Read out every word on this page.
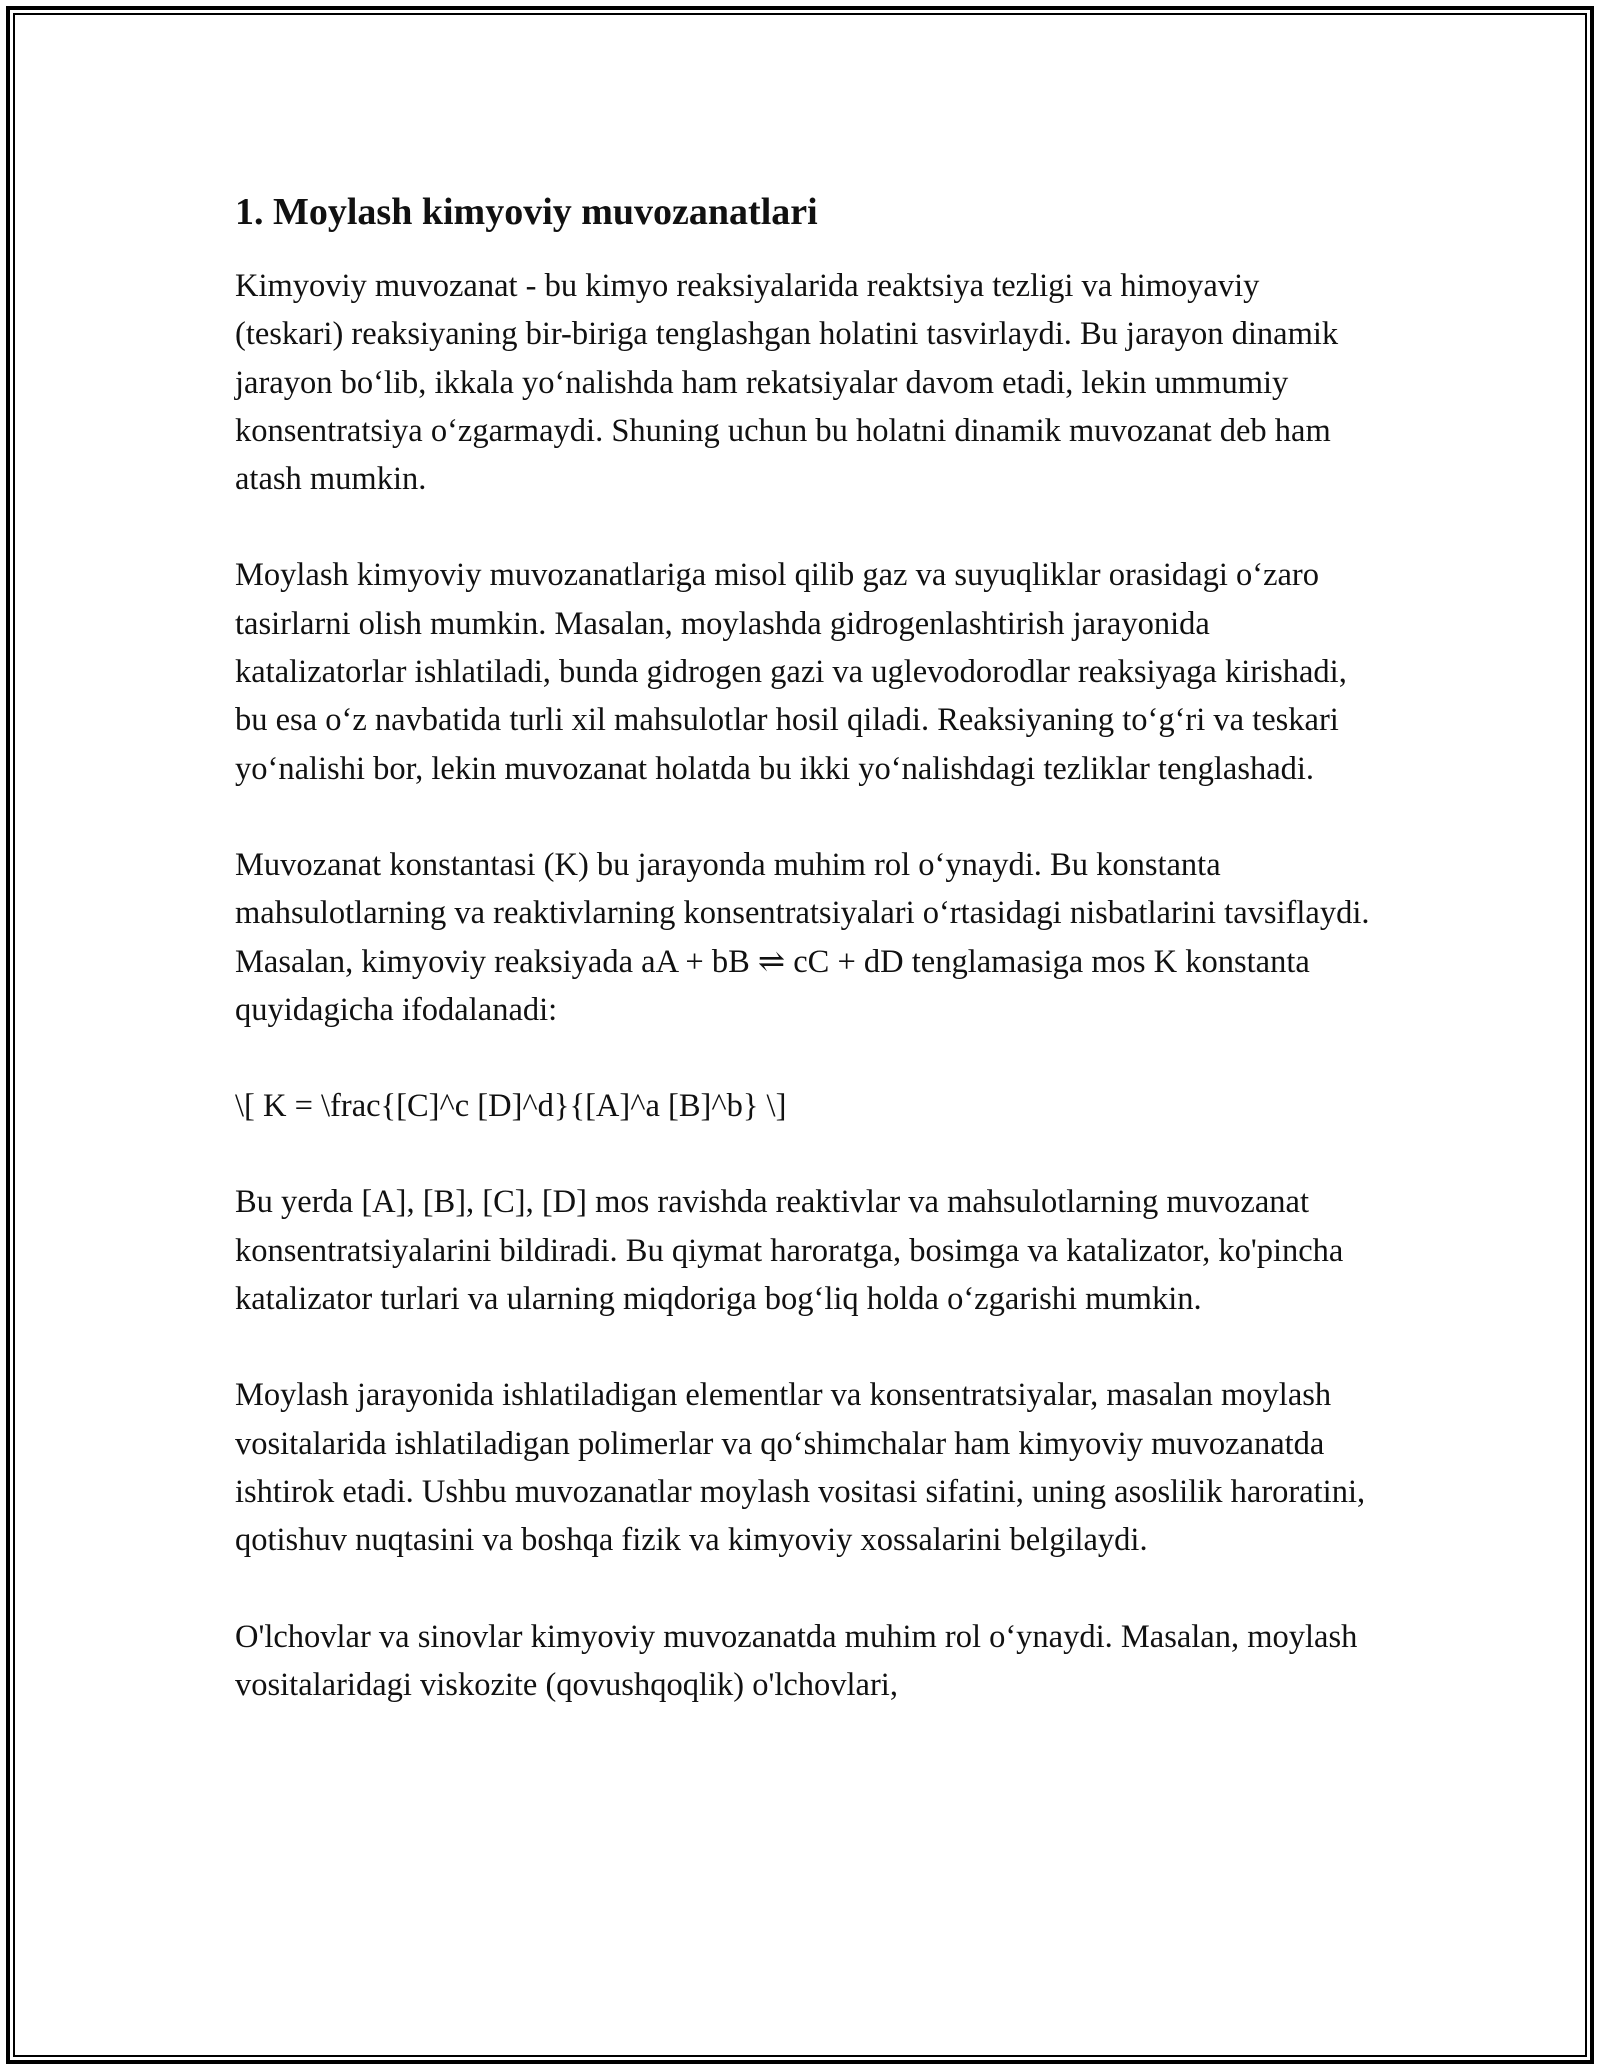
1. Moylash kimyoviy muvozanatlari

Kimyoviy muvozanat - bu kimyo reaksiyalarida reaktsiya tezligi va himoyaviy (teskari) reaksiyaning bir-biriga tenglashgan holatini tasvirlaydi. Bu jarayon dinamik jarayon bo‘lib, ikkala yo‘nalishda ham rekatsiyalar davom etadi, lekin ummumiy konsentratsiya o‘zgarmaydi. Shuning uchun bu holatni dinamik muvozanat deb ham atash mumkin.

Moylash kimyoviy muvozanatlariga misol qilib gaz va suyuqliklar orasidagi o‘zaro tasirlarni olish mumkin. Masalan, moylashda gidrogenlashtirish jarayonida katalizatorlar ishlatiladi, bunda gidrogen gazi va uglevodorodlar reaksiyaga kirishadi, bu esa o‘z navbatida turli xil mahsulotlar hosil qiladi. Reaksiyaning to‘g‘ri va teskari yo‘nalishi bor, lekin muvozanat holatda bu ikki yo‘nalishdagi tezliklar tenglashadi.

Muvozanat konstantasi (K) bu jarayonda muhim rol o‘ynaydi. Bu konstanta mahsulotlarning va reaktivlarning konsentratsiyalari o‘rtasidagi nisbatlarini tavsiflaydi. Masalan, kimyoviy reaksiyada aA + bB ⇌ cC + dD tenglamasiga mos K konstanta quyidagicha ifodalanadi:

\[ K = \frac{[C]^c [D]^d}{[A]^a [B]^b} \]

Bu yerda [A], [B], [C], [D] mos ravishda reaktivlar va mahsulotlarning muvozanat konsentratsiyalarini bildiradi. Bu qiymat haroratga, bosimga va katalizator, ko'pincha katalizator turlari va ularning miqdoriga bog‘liq holda o‘zgarishi mumkin.

Moylash jarayonida ishlatiladigan elementlar va konsentratsiyalar, masalan moylash vositalarida ishlatiladigan polimerlar va qo‘shimchalar ham kimyoviy muvozanatda ishtirok etadi. Ushbu muvozanatlar moylash vositasi sifatini, uning asoslilik haroratini, qotishuv nuqtasini va boshqa fizik va kimyoviy xossalarini belgilaydi.

O'lchovlar va sinovlar kimyoviy muvozanatda muhim rol o‘ynaydi. Masalan, moylash vositalaridagi viskozite (qovushqoqlik) o'lchovlari,
